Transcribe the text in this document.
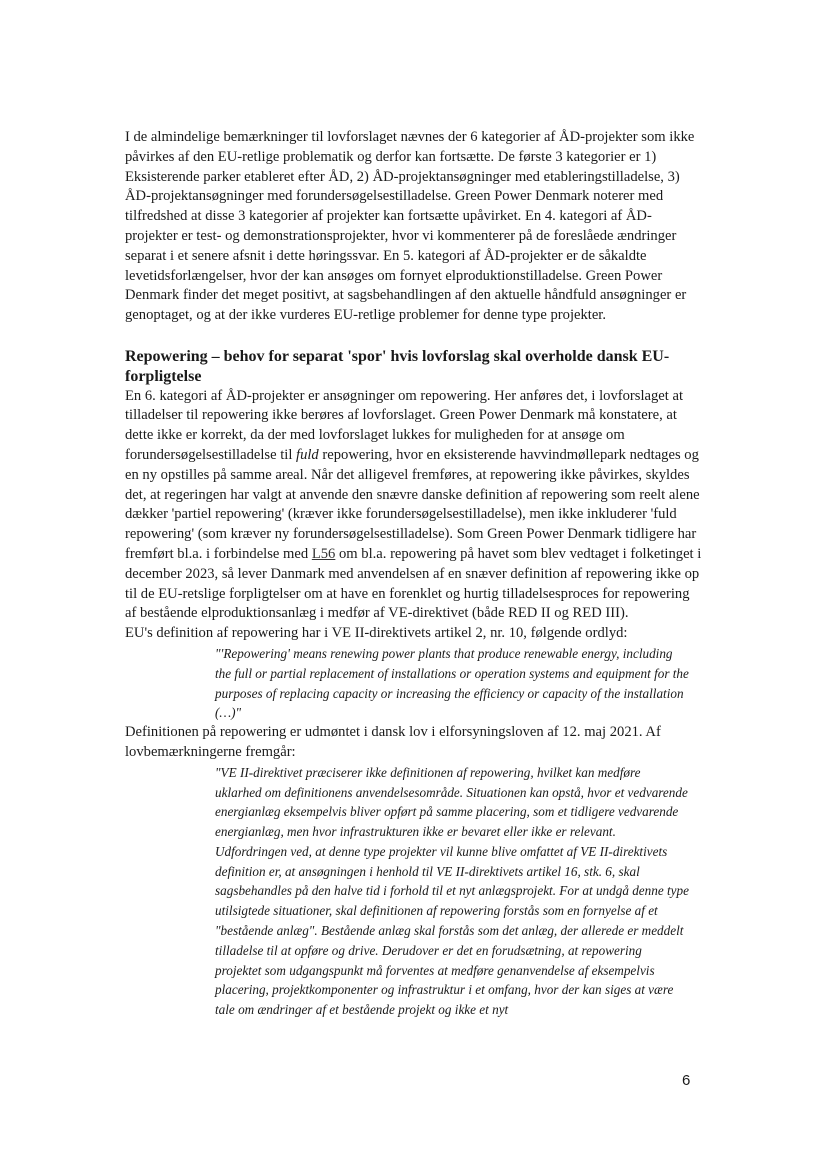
I de almindelige bemærkninger til lovforslaget nævnes der 6 kategorier af ÅD-projekter som ikke påvirkes af den EU-retlige problematik og derfor kan fortsætte. De første 3 kategorier er 1) Eksisterende parker etableret efter ÅD, 2) ÅD-projektansøgninger med etableringstilladelse, 3) ÅD-projektansøgninger med forundersøgelsestilladelse. Green Power Denmark noterer med tilfredshed at disse 3 kategorier af projekter kan fortsætte upåvirket. En 4. kategori af ÅD-projekter er test- og demonstrationsprojekter, hvor vi kommenterer på de foreslåede ændringer separat i et senere afsnit i dette høringssvar. En 5. kategori af ÅD-projekter er de såkaldte levetidsforlængelser, hvor der kan ansøges om fornyet elproduktionstilladelse. Green Power Denmark finder det meget positivt, at sagsbehandlingen af den aktuelle håndfuld ansøgninger er genoptaget, og at der ikke vurderes EU-retlige problemer for denne type projekter.

Repowering – behov for separat 'spor' hvis lovforslag skal overholde dansk EU-forpligtelse

En 6. kategori af ÅD-projekter er ansøgninger om repowering. Her anføres det, i lovforslaget at tilladelser til repowering ikke berøres af lovforslaget. Green Power Denmark må konstatere, at dette ikke er korrekt, da der med lovforslaget lukkes for muligheden for at ansøge om forundersøgelsestilladelse til fuld repowering, hvor en eksisterende havvindmøllepark nedtages og en ny opstilles på samme areal. Når det alligevel fremføres, at repowering ikke påvirkes, skyldes det, at regeringen har valgt at anvende den snævre danske definition af repowering som reelt alene dækker 'partiel repowering' (kræver ikke forundersøgelsestilladelse), men ikke inkluderer 'fuld repowering' (som kræver ny forundersøgelsestilladelse). Som Green Power Denmark tidligere har fremført bl.a. i forbindelse med L56 om bl.a. repowering på havet som blev vedtaget i folketinget i december 2023, så lever Danmark med anvendelsen af en snæver definition af repowering ikke op til de EU-retslige forpligtelser om at have en forenklet og hurtig tilladelsesproces for repowering af bestående elproduktionsanlæg i medfør af VE-direktivet (både RED II og RED III).

EU's definition af repowering har i VE II-direktivets artikel 2, nr. 10, følgende ordlyd:

"'Repowering' means renewing power plants that produce renewable energy, including the full or partial replacement of installations or operation systems and equipment for the purposes of replacing capacity or increasing the efficiency or capacity of the installation (…)"

Definitionen på repowering er udmøntet i dansk lov i elforsyningsloven af 12. maj 2021. Af lovbemærkningerne fremgår:

"VE II-direktivet præciserer ikke definitionen af repowering, hvilket kan medføre uklarhed om definitionens anvendelsesområde. Situationen kan opstå, hvor et vedvarende energianlæg eksempelvis bliver opført på samme placering, som et tidligere vedvarende energianlæg, men hvor infrastrukturen ikke er bevaret eller ikke er relevant. Udfordringen ved, at denne type projekter vil kunne blive omfattet af VE II-direktivets definition er, at ansøgningen i henhold til VE II-direktivets artikel 16, stk. 6, skal sagsbehandles på den halve tid i forhold til et nyt anlægsprojekt. For at undgå denne type utilsigtede situationer, skal definitionen af repowering forstås som en fornyelse af et "bestående anlæg". Bestående anlæg skal forstås som det anlæg, der allerede er meddelt tilladelse til at opføre og drive. Derudover er det en forudsætning, at repowering projektet som udgangspunkt må forventes at medføre genanvendelse af eksempelvis placering, projektkomponenter og infrastruktur i et omfang, hvor der kan siges at være tale om ændringer af et bestående projekt og ikke et nyt

6
